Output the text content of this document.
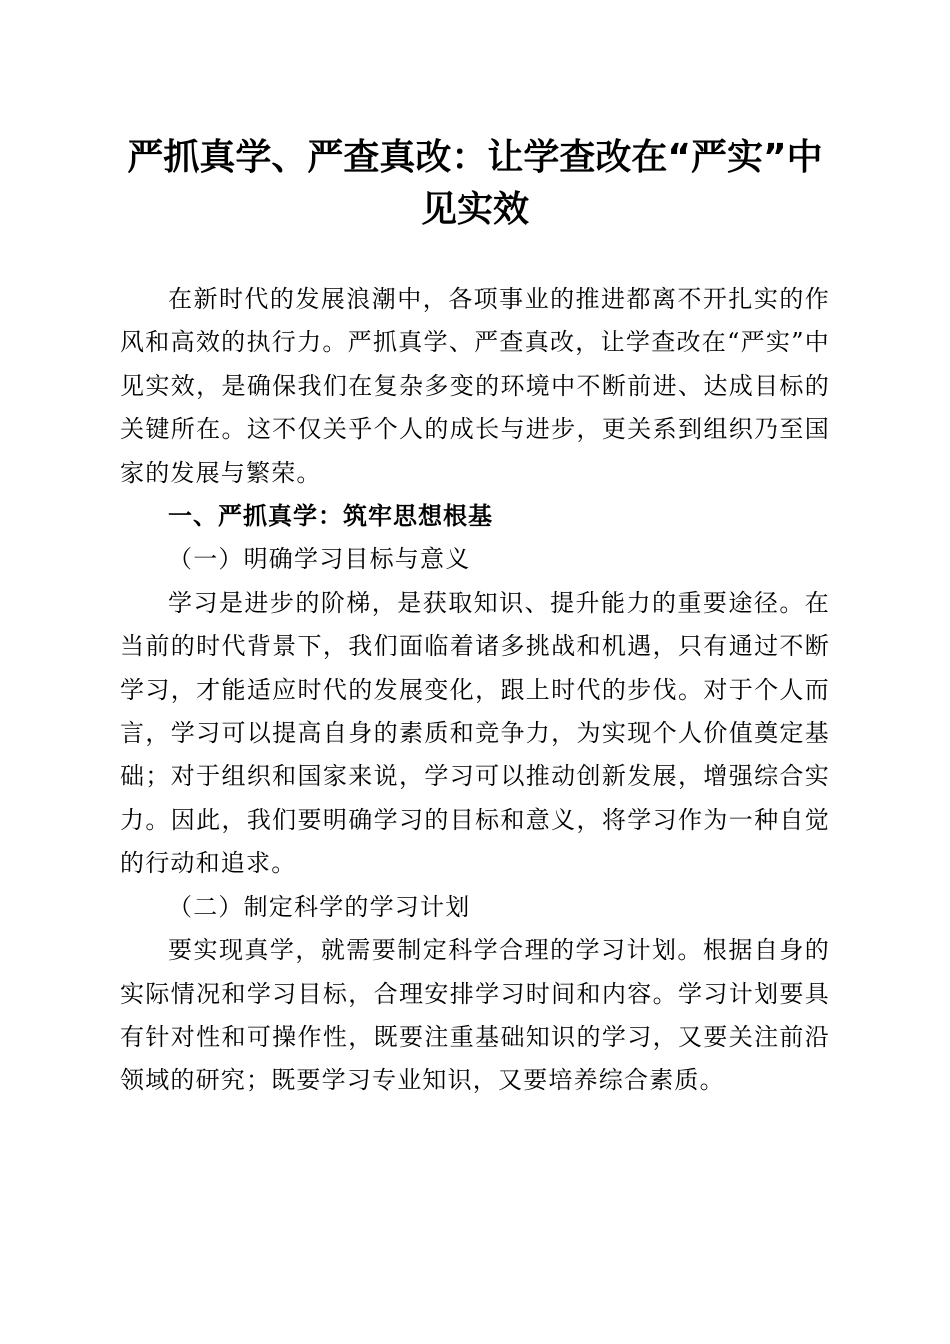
严抓真学、严查真改：让学查改在“严实”中见实效

在新时代的发展浪潮中，各项事业的推进都离不开扎实的作风和高效的执行力。严抓真学、严查真改，让学查改在“严实”中见实效，是确保我们在复杂多变的环境中不断前进、达成目标的关键所在。这不仅关乎个人的成长与进步，更关系到组织乃至国家的发展与繁荣。

一、严抓真学：筑牢思想根基

（一）明确学习目标与意义

学习是进步的阶梯，是获取知识、提升能力的重要途径。在当前的时代背景下，我们面临着诸多挑战和机遇，只有通过不断学习，才能适应时代的发展变化，跟上时代的步伐。对于个人而言，学习可以提高自身的素质和竞争力，为实现个人价值奠定基础；对于组织和国家来说，学习可以推动创新发展，增强综合实力。因此，我们要明确学习的目标和意义，将学习作为一种自觉的行动和追求。

（二）制定科学的学习计划

要实现真学，就需要制定科学合理的学习计划。根据自身的实际情况和学习目标，合理安排学习时间和内容。学习计划要具有针对性和可操作性，既要注重基础知识的学习，又要关注前沿领域的研究；既要学习专业知识，又要培养综合素质。
